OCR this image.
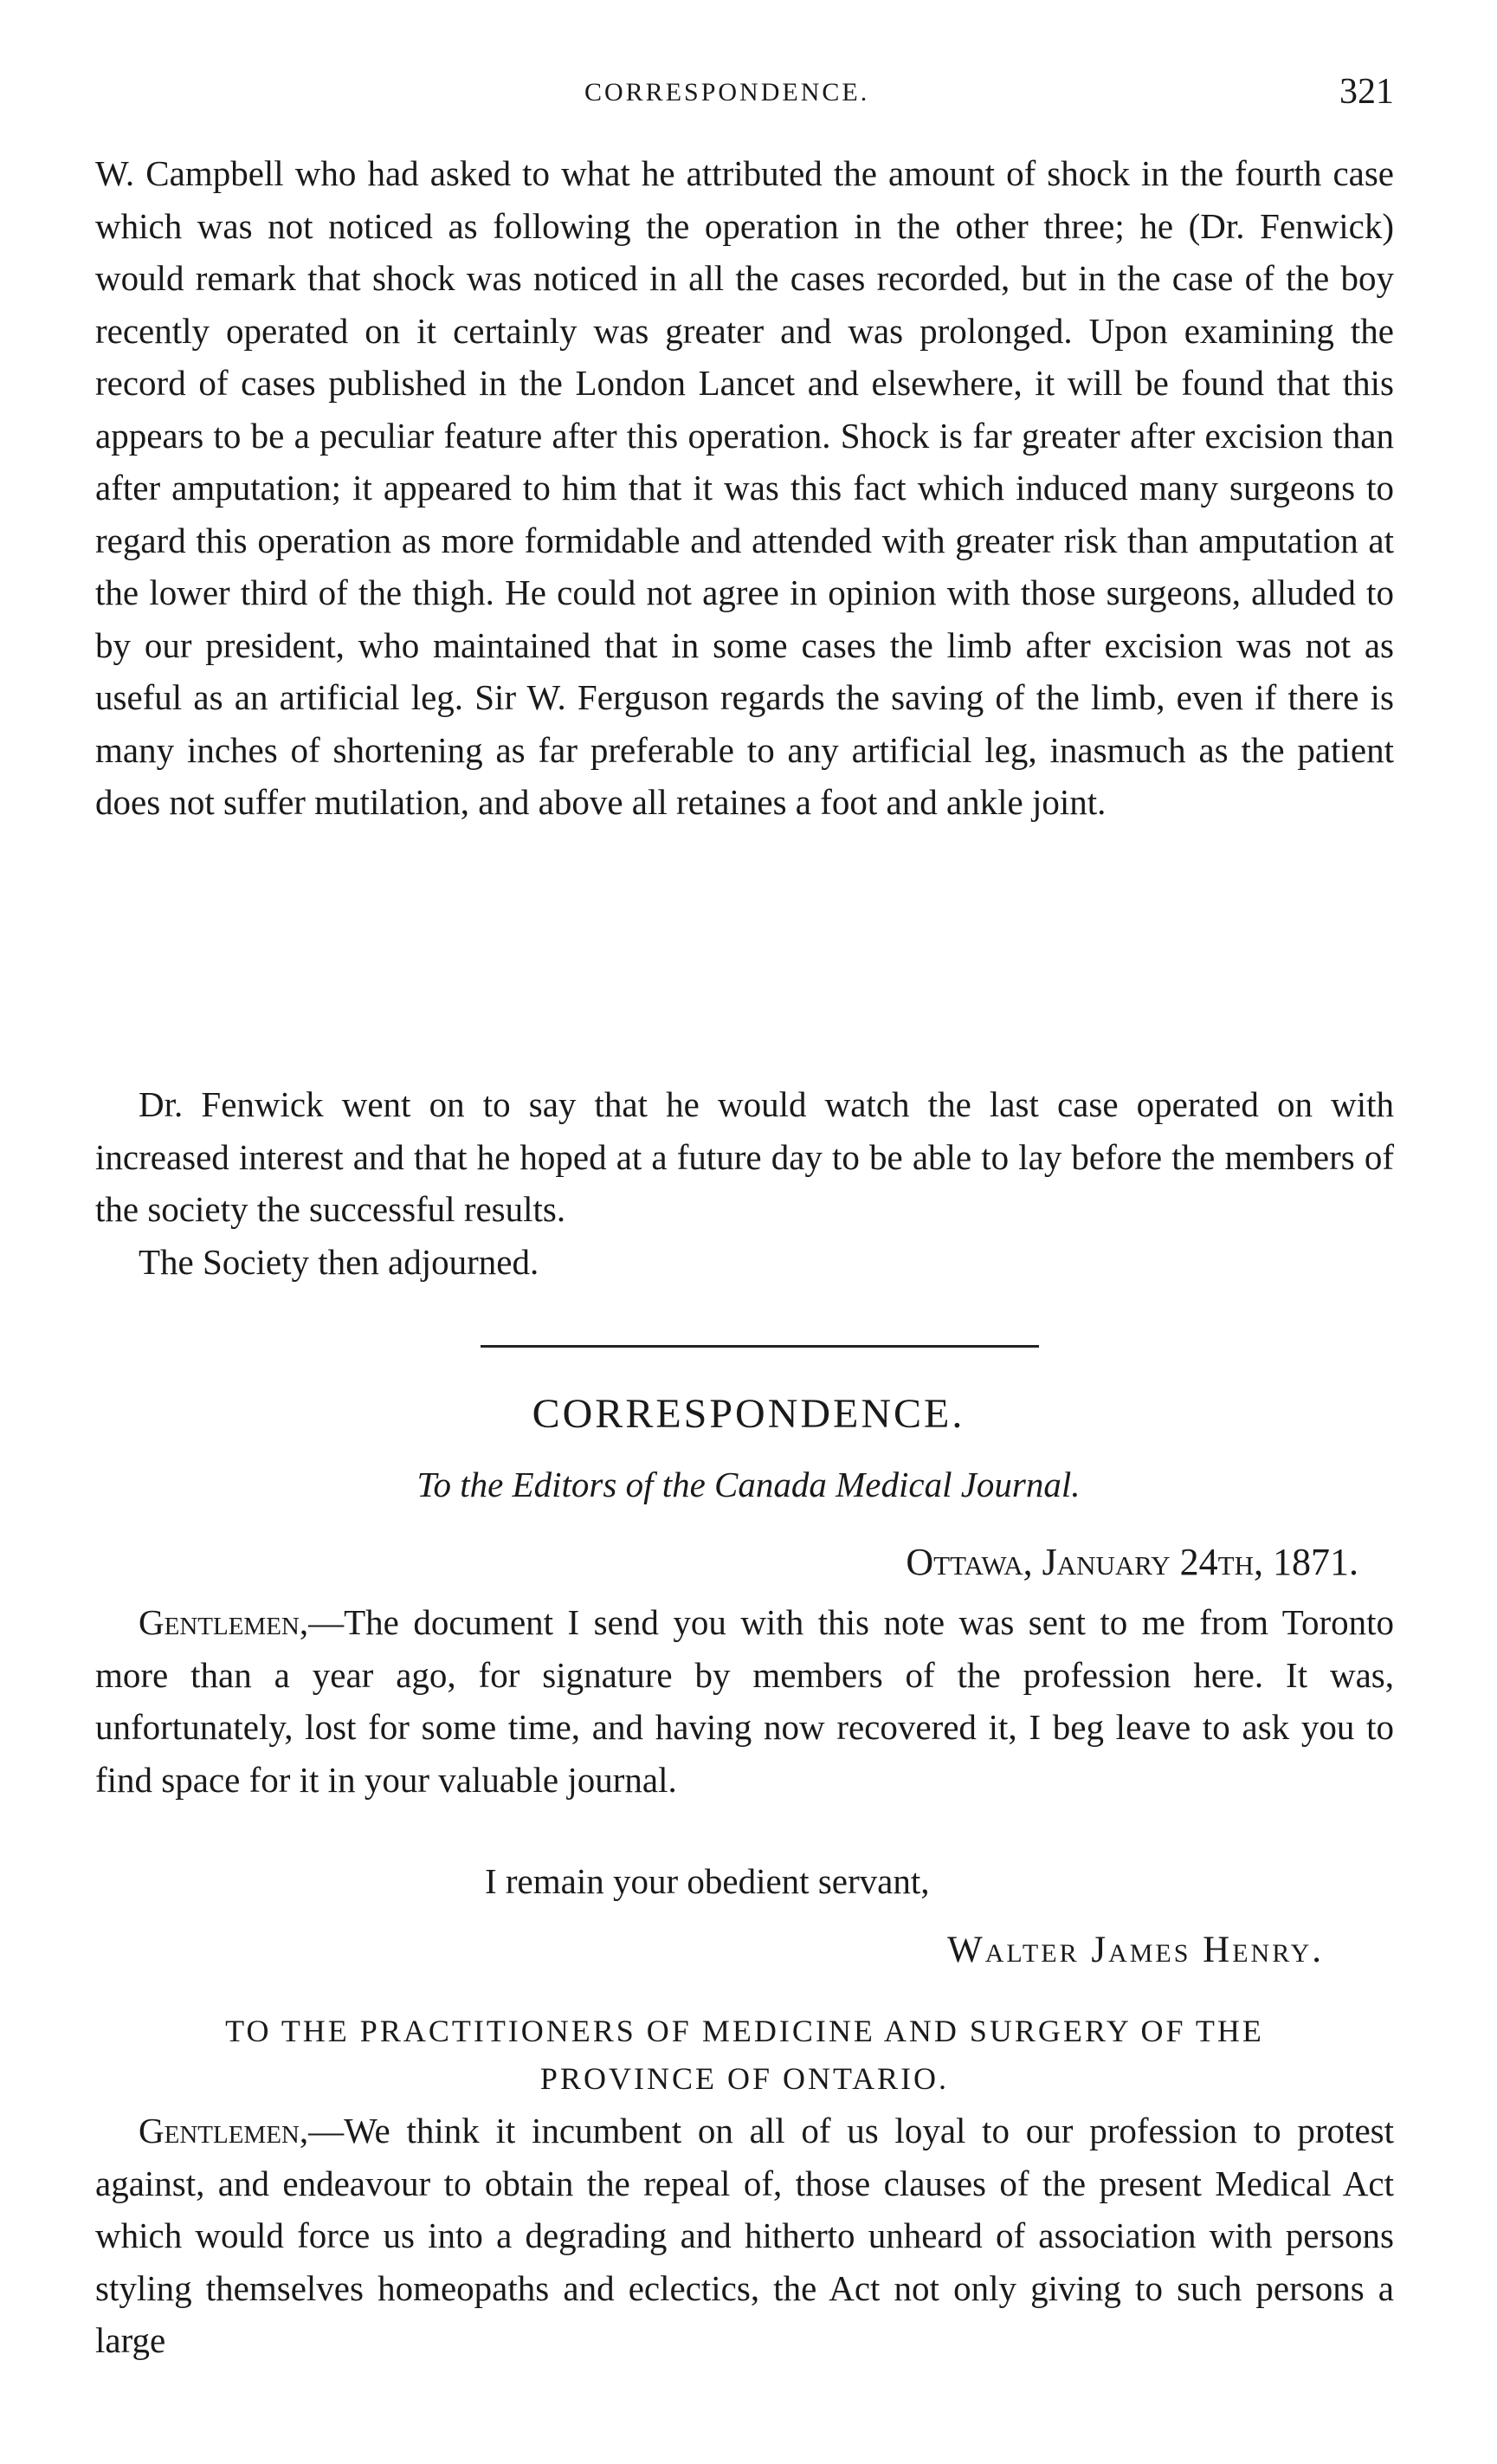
CORRESPONDENCE.	321

W. Campbell who had asked to what he attributed the amount of shock in the fourth case which was not noticed as following the operation in the other three; he (Dr. Fenwick) would remark that shock was noticed in all the cases recorded, but in the case of the boy recently operated on it certainly was greater and was prolonged. Upon examining the record of cases published in the London Lancet and elsewhere, it will be found that this appears to be a peculiar feature after this operation. Shock is far greater after excision than after amputation; it appeared to him that it was this fact which induced many surgeons to regard this operation as more formidable and attended with greater risk than amputation at the lower third of the thigh. He could not agree in opinion with those surgeons, alluded to by our president, who maintained that in some cases the limb after excision was not as useful as an artificial leg. Sir W. Ferguson regards the saving of the limb, even if there is many inches of shortening as far preferable to any artificial leg, inasmuch as the patient does not suffer mutilation, and above all retaines a foot and ankle joint.

Dr. Fenwick went on to say that he would watch the last case operated on with increased interest and that he hoped at a future day to be able to lay before the members of the society the successful results.

The Society then adjourned.

CORRESPONDENCE.
To the Editors of the Canada Medical Journal.
Ottawa, January 24th, 1871.

Gentlemen,—The document I send you with this note was sent to me from Toronto more than a year ago, for signature by members of the profession here. It was, unfortunately, lost for some time, and having now recovered it, I beg leave to ask you to find space for it in your valuable journal.

I remain your obedient servant,
Walter James Henry.
TO THE PRACTITIONERS OF MEDICINE AND SURGERY OF THE
PROVINCE OF ONTARIO.

Gentlemen,—We think it incumbent on all of us loyal to our profession to protest against, and endeavour to obtain the repeal of, those clauses of the present Medical Act which would force us into a degrading and hitherto unheard of association with persons styling themselves homeopaths and eclectics, the Act not only giving to such persons a large
